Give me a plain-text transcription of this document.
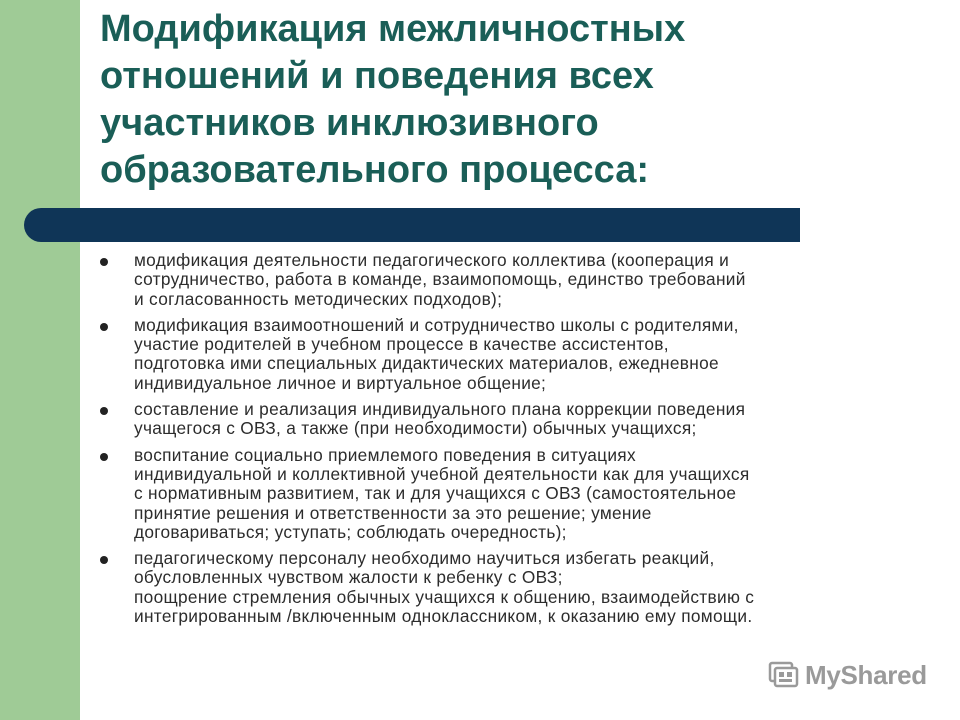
Модификация межличностных
отношений и поведения всех
участников инклюзивного
образовательного процесса:
модификация деятельности педагогического коллектива (кооперация и
сотрудничество, работа в команде, взаимопомощь, единство требований
и согласованность методических подходов);
модификация взаимоотношений и сотрудничество школы с родителями,
участие родителей в учебном процессе в качестве ассистентов,
подготовка ими специальных дидактических материалов, ежедневное
индивидуальное личное и виртуальное общение;
составление и реализация индивидуального плана коррекции поведения
учащегося с ОВЗ, а также (при необходимости) обычных учащихся;
воспитание социально приемлемого поведения в ситуациях
индивидуальной и коллективной учебной деятельности как для учащихся
с нормативным развитием, так и для учащихся с ОВЗ (самостоятельное
принятие решения и ответственности за это решение; умение
договариваться; уступать; соблюдать очередность);
педагогическому персоналу необходимо научиться избегать реакций,
обусловленных чувством жалости к ребенку с ОВЗ;
поощрение стремления обычных учащихся к общению, взаимодействию с
интегрированным /включенным одноклассником, к оказанию ему помощи.
MyShared
